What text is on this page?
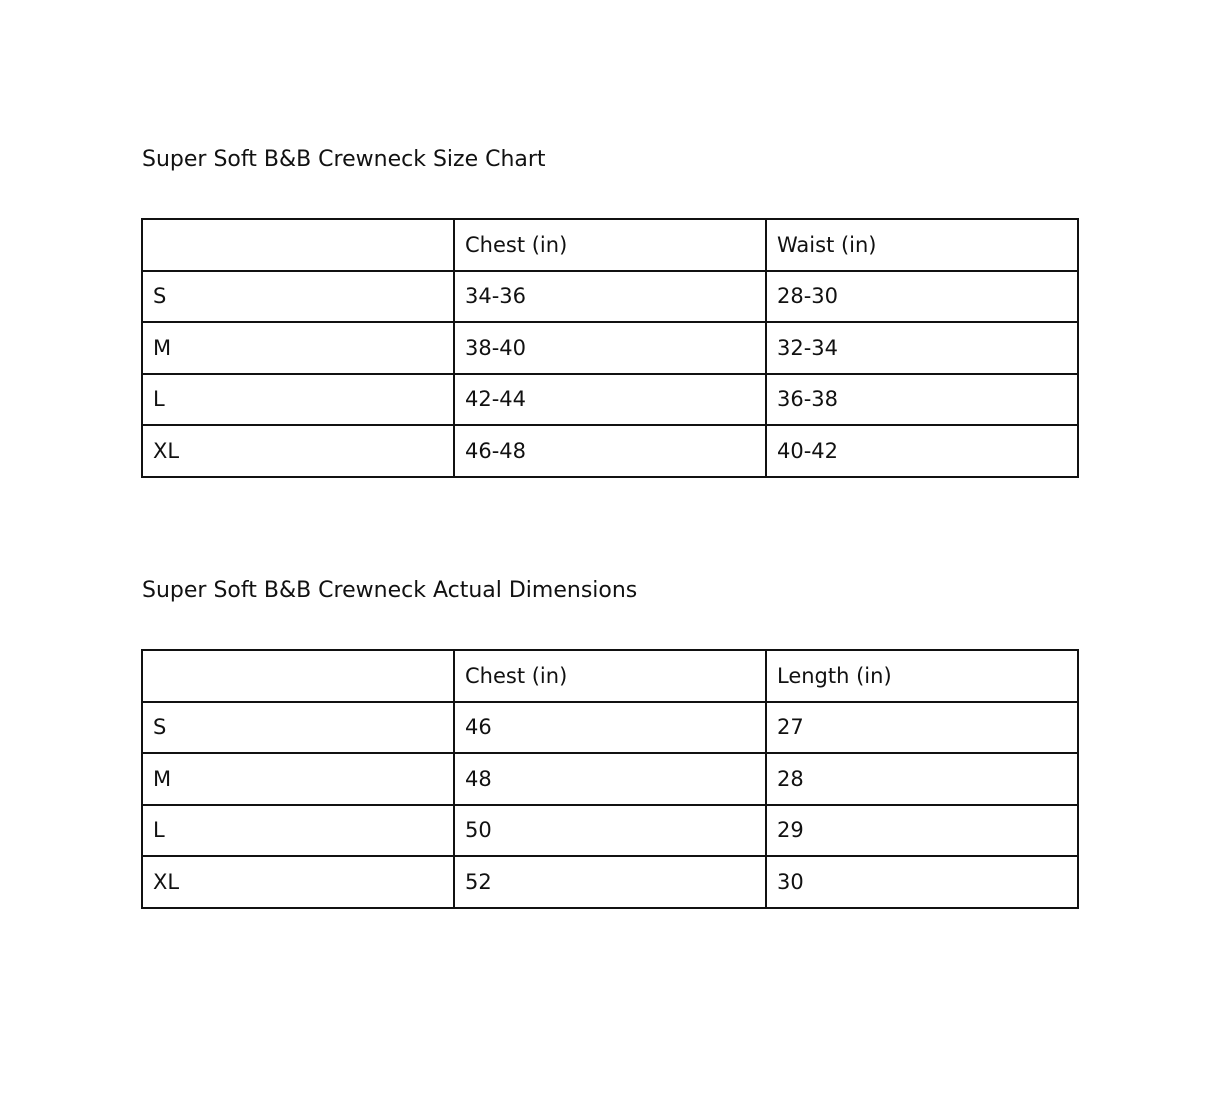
Super Soft B&B Crewneck Size Chart
	Chest (in)	Waist (in)
S	34-36	28-30
M	38-40	32-34
L	42-44	36-38
XL	46-48	40-42
Super Soft B&B Crewneck Actual Dimensions
	Chest (in)	Length (in)
S	46	27
M	48	28
L	50	29
XL	52	30
